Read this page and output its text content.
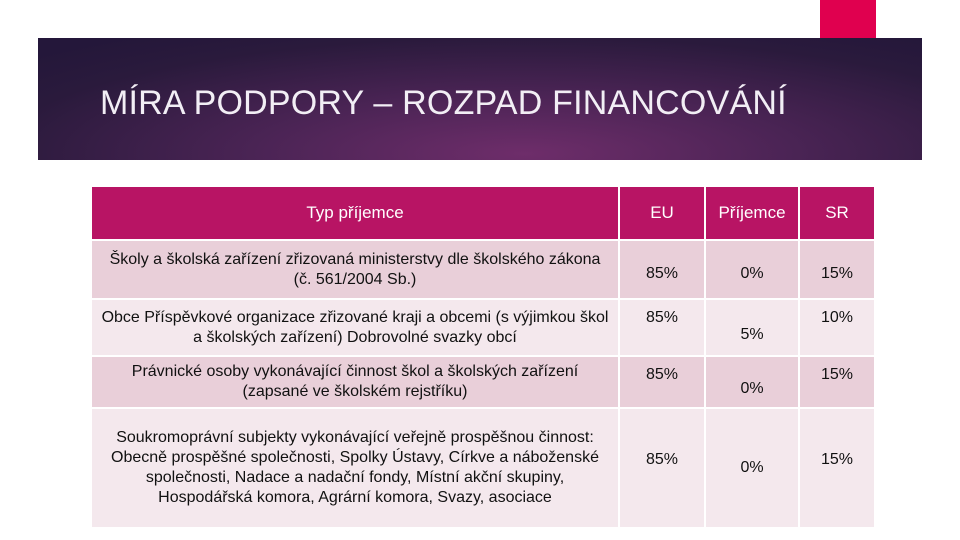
MÍRA PODPORY – ROZPAD FINANCOVÁNÍ
Typ příjemce	EU	Příjemce	SR
Školy a školská zařízení zřizovaná ministerstvy dle školského zákona (č. 561/2004 Sb.)	85%	0%	15%
Obce Příspěvkové organizace zřizované kraji a obcemi (s výjimkou škol a školských zařízení) Dobrovolné svazky obcí	85%	5%	10%
Právnické osoby vykonávající činnost škol a školských zařízení (zapsané ve školském rejstříku)	85%	0%	15%
Soukromoprávní subjekty vykonávající veřejně prospěšnou činnost: Obecně prospěšné společnosti, Spolky Ústavy, Církve a náboženské společnosti, Nadace a nadační fondy, Místní akční skupiny, Hospodářská komora, Agrární komora, Svazy, asociace	85%	0%	15%
